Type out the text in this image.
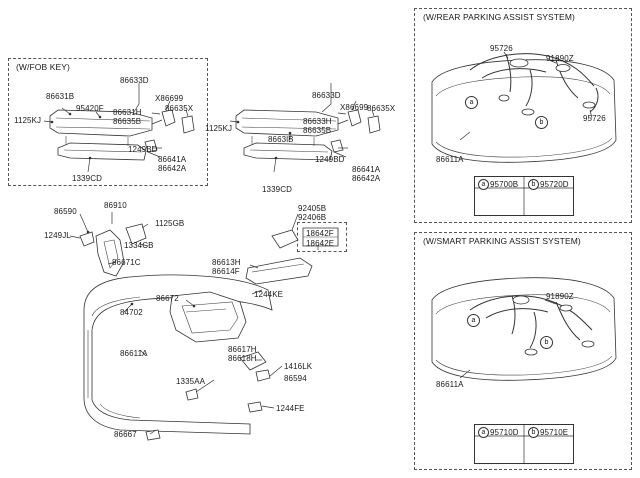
(W/FOB KEY)
(W/REAR PARKING ASSIST SYSTEM)
(W/SMART PARKING ASSIST SYSTEM)
a
b
a
b
a 95700B	b 95720D
a 95710D	b 95710E
86631B
95420F
1125KJ
86633D
X86699
86631H
86635B
86635X
1249BD
86641A
86642A
1339CD
1125KJ
86633D
X86699
86633H
86635B
8663lB
86635X
1249BD
86641A
86642A
1339CD
86590
86910
1125GB
1249JL
1334CB
86671C	86613H
86614F
86672	1244KE
84702
86611A	86617H
86618H
1416LK
86594
1335AA
1244FE
86667
92405B
92406B
18642F
18642E
95726
91890Z
95726
86611A
91890Z
86611A
